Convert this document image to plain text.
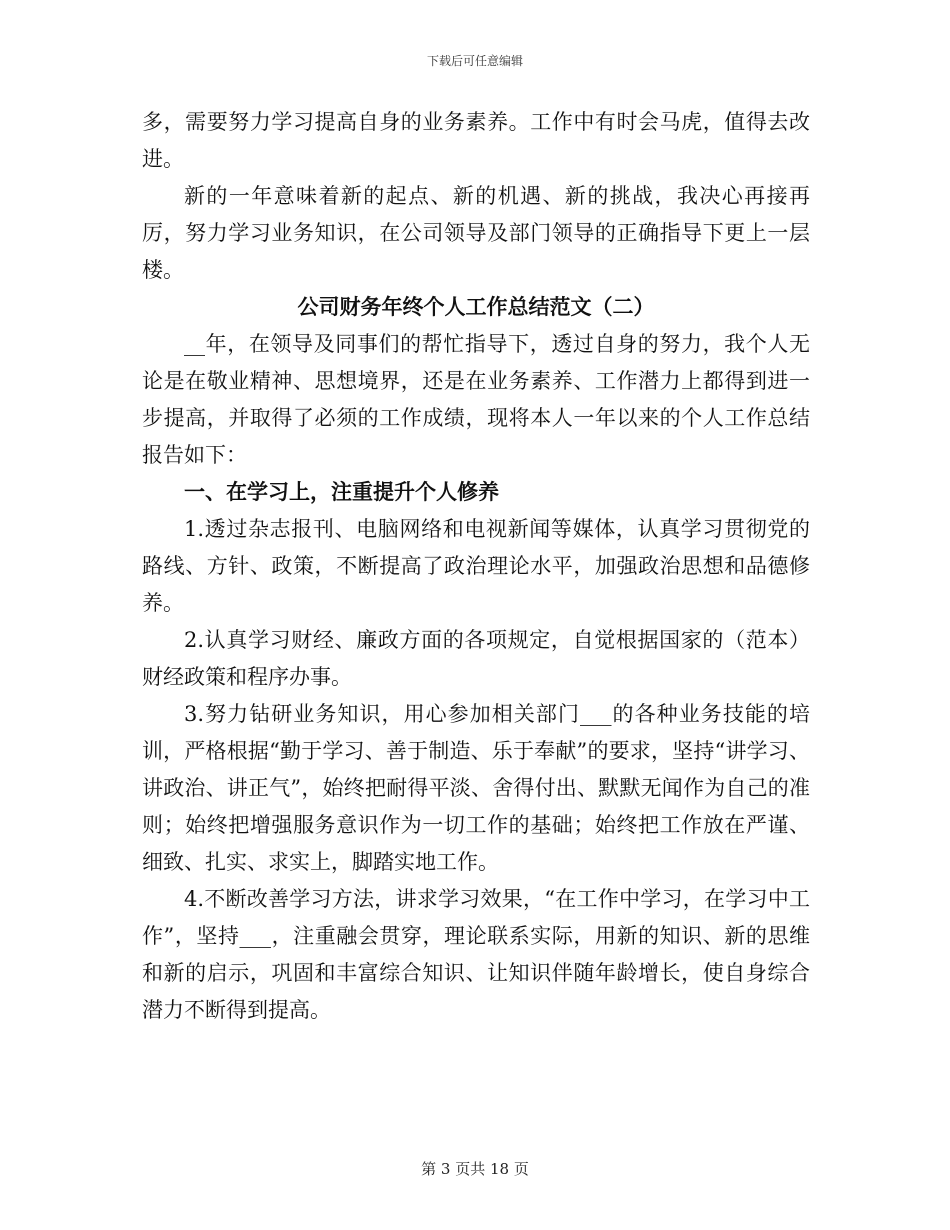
下载后可任意编辑

多，需要努力学习提高自身的业务素养。工作中有时会马虎，值得去改进。

新的一年意味着新的起点、新的机遇、新的挑战，我决心再接再厉，努力学习业务知识，在公司领导及部门领导的正确指导下更上一层楼。

公司财务年终个人工作总结范文（二）

__年，在领导及同事们的帮忙指导下，透过自身的努力，我个人无论是在敬业精神、思想境界，还是在业务素养、工作潜力上都得到进一步提高，并取得了必须的工作成绩，现将本人一年以来的个人工作总结报告如下：

一、在学习上，注重提升个人修养

1.透过杂志报刊、电脑网络和电视新闻等媒体，认真学习贯彻党的路线、方针、政策，不断提高了政治理论水平，加强政治思想和品德修养。

2.认真学习财经、廉政方面的各项规定，自觉根据国家的（范本）财经政策和程序办事。

3.努力钻研业务知识，用心参加相关部门___的各种业务技能的培训，严格根据“勤于学习、善于制造、乐于奉献”的要求，坚持“讲学习、讲政治、讲正气”，始终把耐得平淡、舍得付出、默默无闻作为自己的准则；始终把增强服务意识作为一切工作的基础；始终把工作放在严谨、细致、扎实、求实上，脚踏实地工作。

4.不断改善学习方法，讲求学习效果，“在工作中学习，在学习中工作”，坚持___，注重融会贯穿，理论联系实际，用新的知识、新的思维和新的启示，巩固和丰富综合知识、让知识伴随年龄增长，使自身综合潜力不断得到提高。

第 3 页共 18 页
